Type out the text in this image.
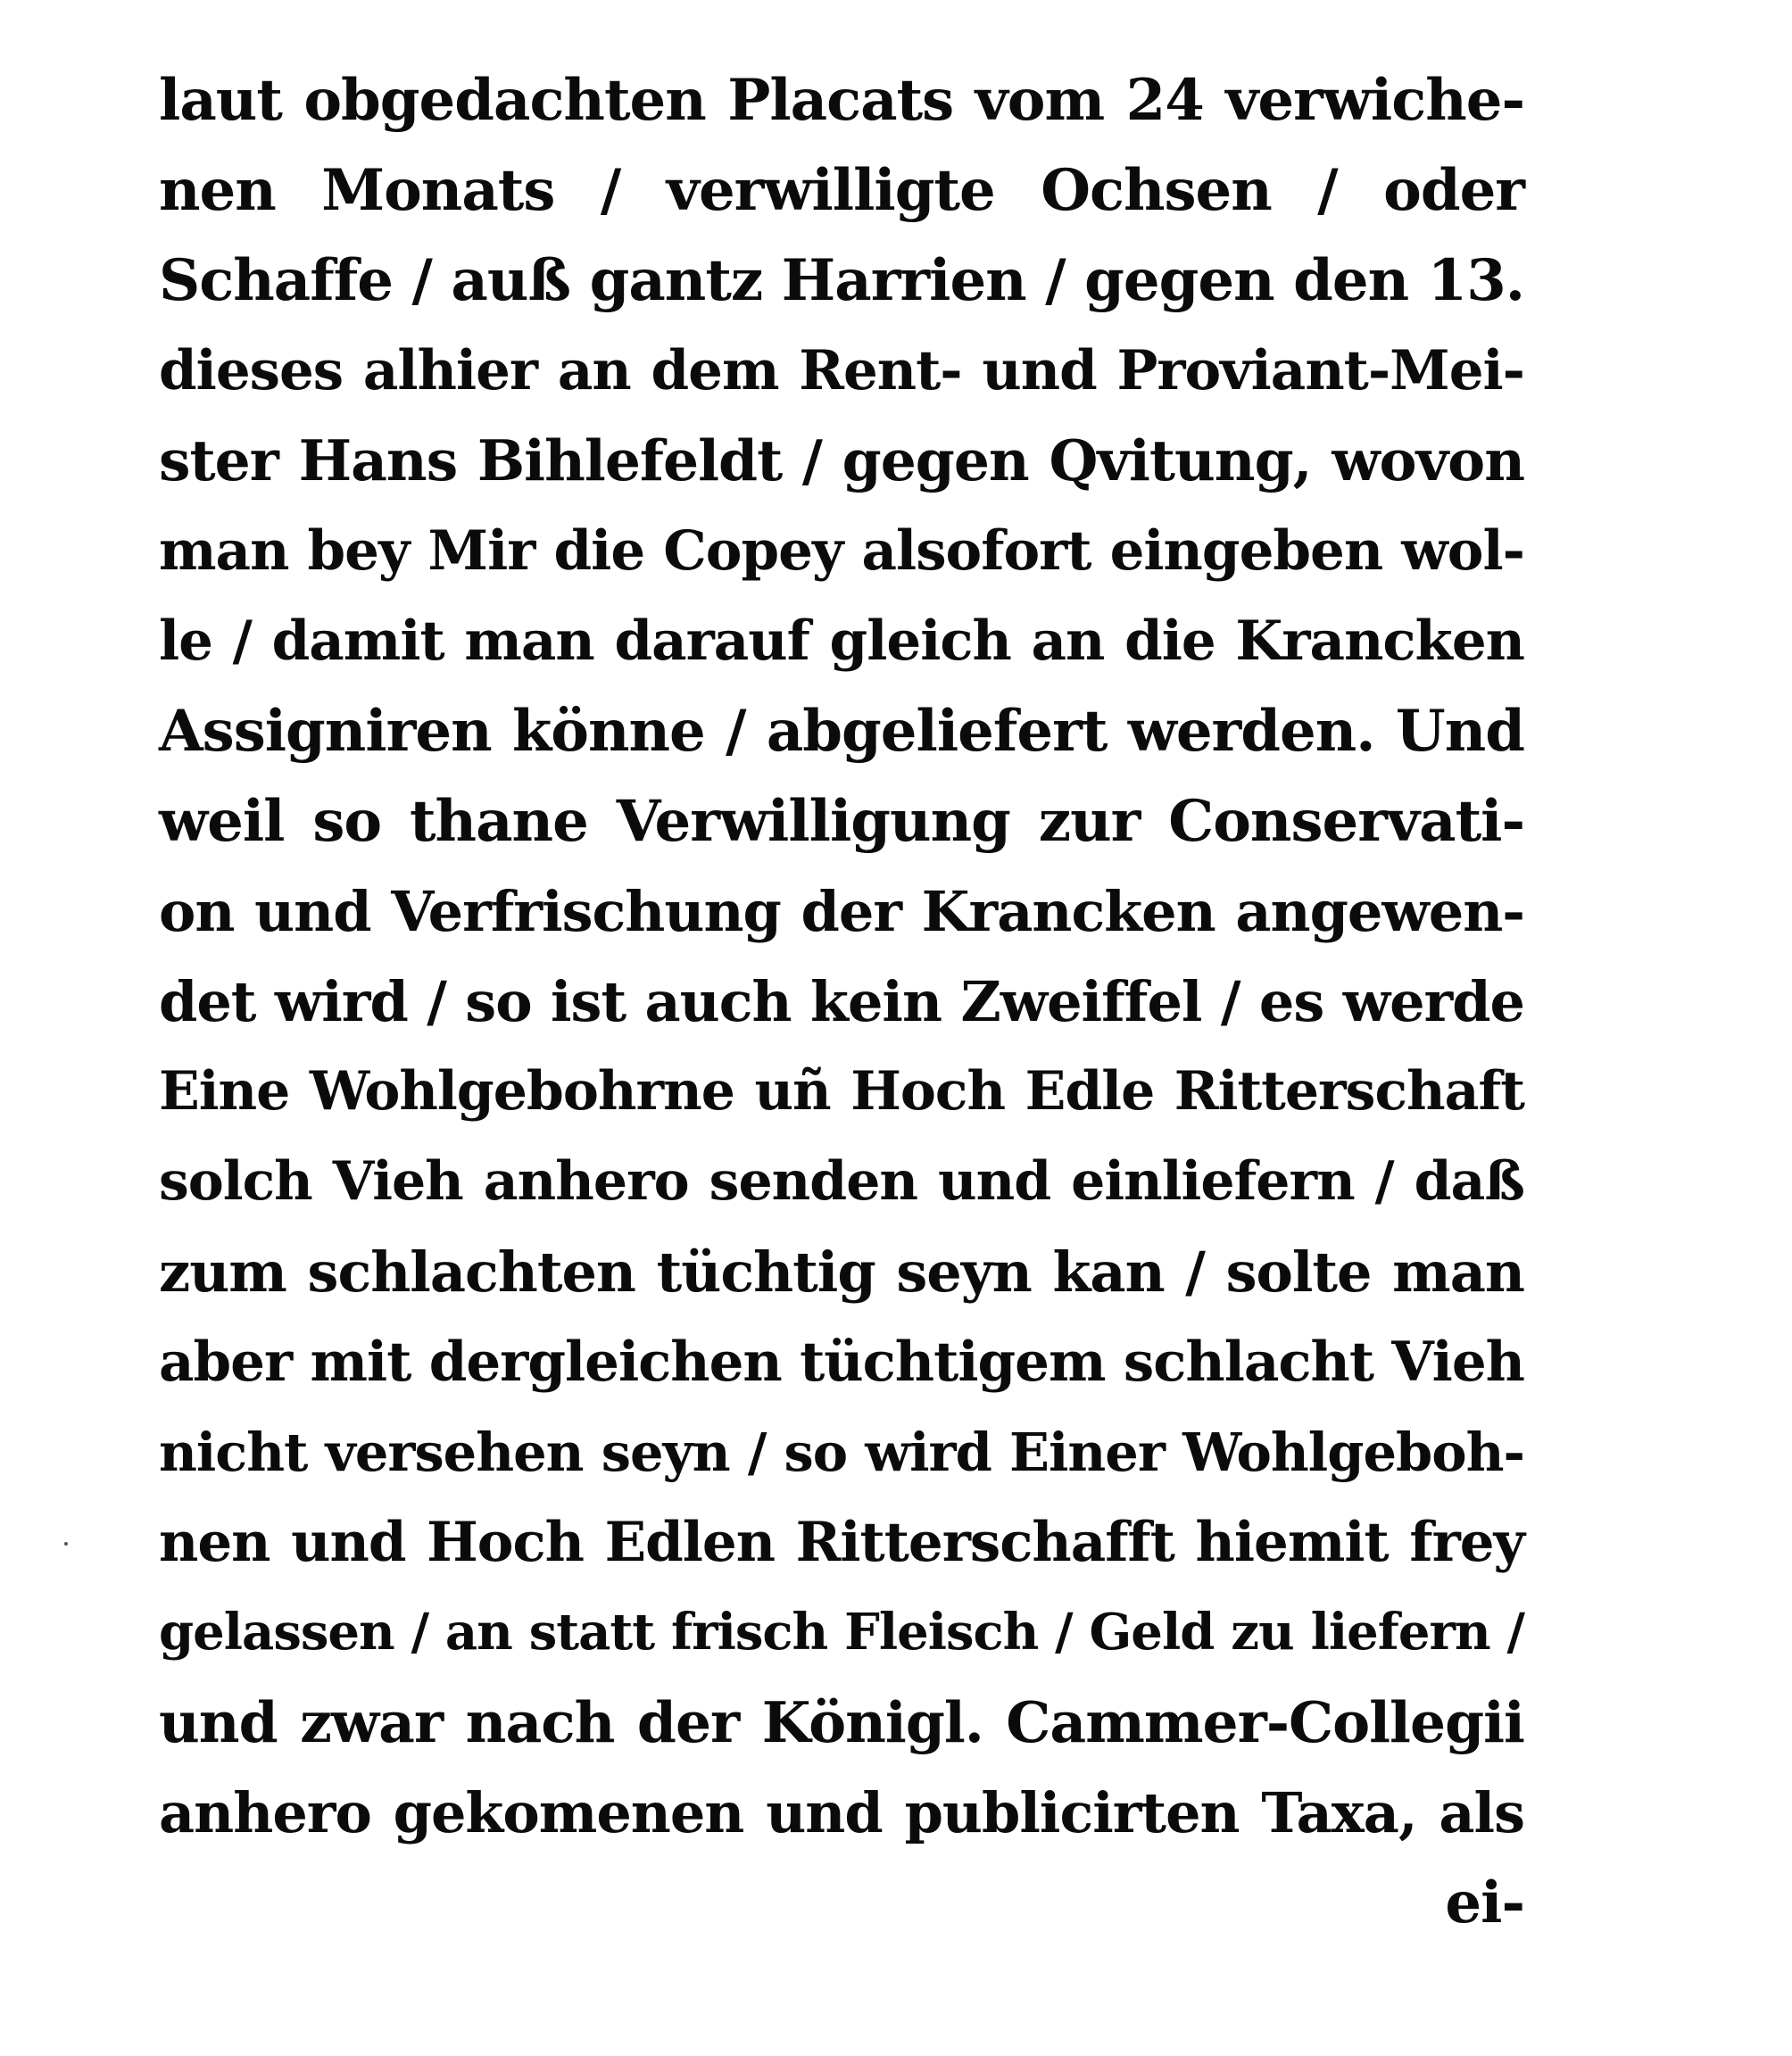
laut obgedachten Placats vom 24 verwiche-
nen Monats / verwilligte Ochsen / oder
Schaffe / auß gantz Harrien / gegen den 13.
dieses alhier an dem Rent- und Proviant-Mei-
ster Hans Bihlefeldt / gegen Qvitung, wovon
man bey Mir die Copey alsofort eingeben wol-
le / damit man darauf gleich an die Krancken
Assigniren könne / abgeliefert werden. Und
weil so thane Verwilligung zur Conservati-
on und Verfrischung der Krancken angewen-
det wird / so ist auch kein Zweiffel / es werde
Eine Wohlgebohrne uñ Hoch Edle Ritterschaft
solch Vieh anhero senden und einliefern / daß
zum schlachten tüchtig seyn kan / solte man
aber mit dergleichen tüchtigem schlacht Vieh
nicht versehen seyn / so wird Einer Wohlgeboh-
nen und Hoch Edlen Ritterschafft hiemit frey
gelassen / an statt frisch Fleisch / Geld zu liefern /
und zwar nach der Königl. Cammer-Collegii
anhero gekomenen und publicirten Taxa, als
ei-
